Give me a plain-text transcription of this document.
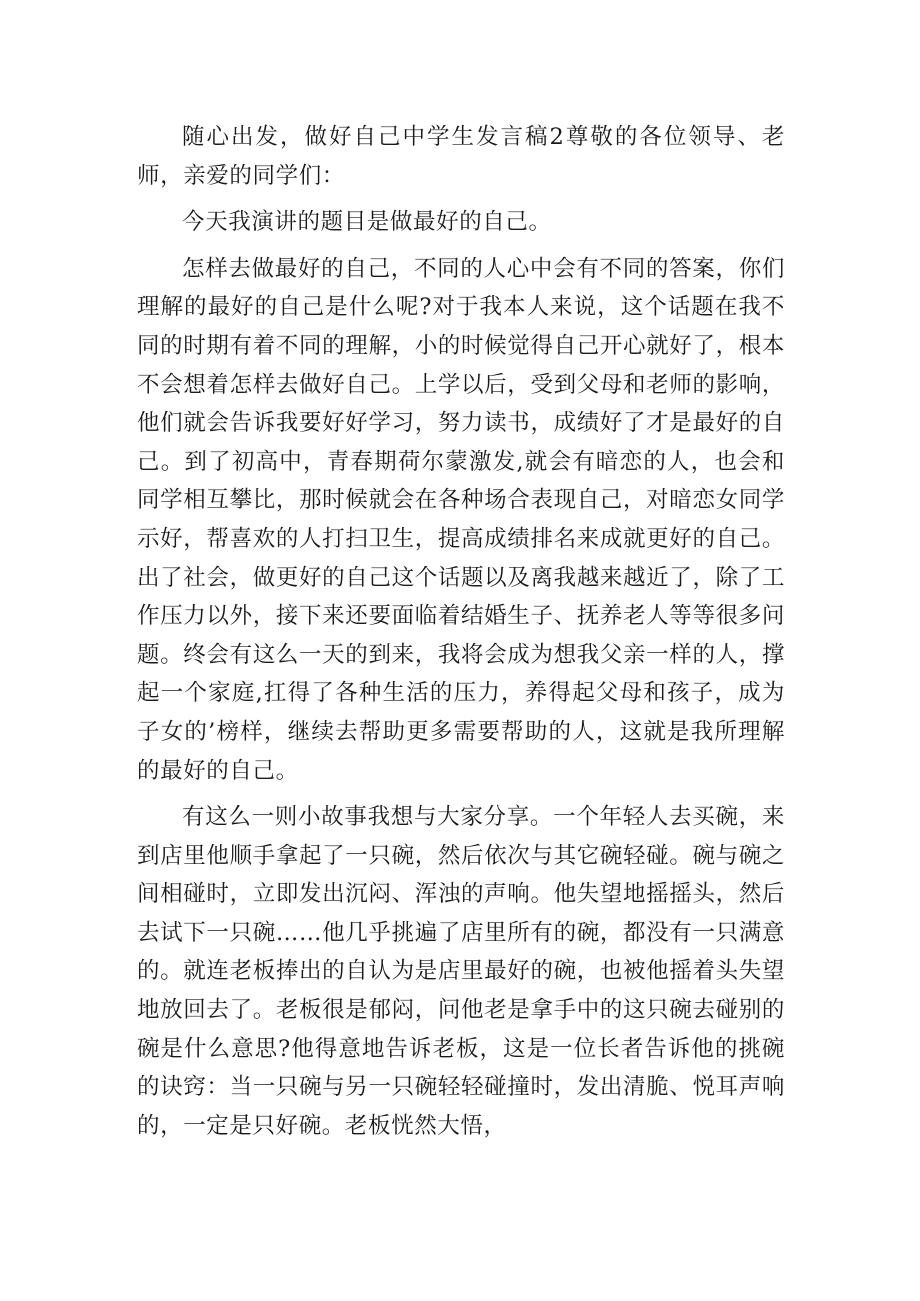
随心出发，做好自己中学生发言稿2尊敬的各位领导、老师，亲爱的同学们：

今天我演讲的题目是做最好的自己。

怎样去做最好的自己，不同的人心中会有不同的答案，你们理解的最好的自己是什么呢?对于我本人来说，这个话题在我不同的时期有着不同的理解，小的时候觉得自己开心就好了，根本不会想着怎样去做好自己。上学以后，受到父母和老师的影响，他们就会告诉我要好好学习，努力读书，成绩好了才是最好的自己。到了初高中，青春期荷尔蒙激发,就会有暗恋的人，也会和同学相互攀比，那时候就会在各种场合表现自己，对暗恋女同学示好，帮喜欢的人打扫卫生，提高成绩排名来成就更好的自己。出了社会，做更好的自己这个话题以及离我越来越近了，除了工作压力以外，接下来还要面临着结婚生子、抚养老人等等很多问题。终会有这么一天的到来，我将会成为想我父亲一样的人，撑起一个家庭,扛得了各种生活的压力，养得起父母和孩子，成为子女的’榜样，继续去帮助更多需要帮助的人，这就是我所理解的最好的自己。

有这么一则小故事我想与大家分享。一个年轻人去买碗，来到店里他顺手拿起了一只碗，然后依次与其它碗轻碰。碗与碗之间相碰时，立即发出沉闷、浑浊的声响。他失望地摇摇头，然后去试下一只碗……他几乎挑遍了店里所有的碗，都没有一只满意的。就连老板捧出的自认为是店里最好的碗，也被他摇着头失望地放回去了。老板很是郁闷，问他老是拿手中的这只碗去碰别的碗是什么意思?他得意地告诉老板，这是一位长者告诉他的挑碗的诀窍：当一只碗与另一只碗轻轻碰撞时，发出清脆、悦耳声响的，一定是只好碗。老板恍然大悟，
